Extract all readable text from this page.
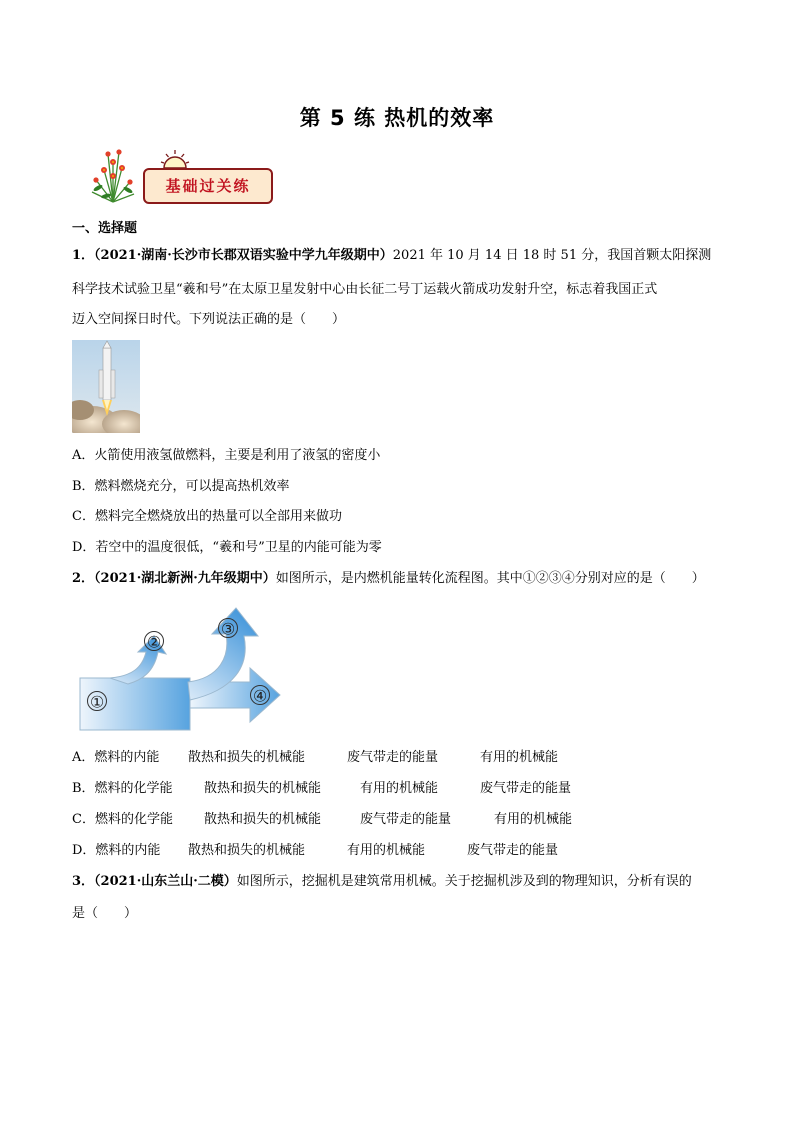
第 5 练 热机的效率
基础过关练
一、选择题
1．（2021·湖南·长沙市长郡双语实验中学九年级期中）2021 年 10 月 14 日 18 时 51 分，我国首颗太阳探测
科学技术试验卫星“羲和号”在太原卫星发射中心由长征二号丁运载火箭成功发射升空，标志着我国正式
迈入空间探日时代。下列说法正确的是（　　）
A．火箭使用液氢做燃料，主要是利用了液氢的密度小
B．燃料燃烧充分，可以提高热机效率
C．燃料完全燃烧放出的热量可以全部用来做功
D．若空中的温度很低，“羲和号”卫星的内能可能为零
2．（2021·湖北新洲·九年级期中）如图所示，是内燃机能量转化流程图。其中①②③④分别对应的是（　　）
①
②
③
④
A．燃料的内能 散热和损失的机械能	废气带走的能量	有用的机械能
B．燃料的化学能 散热和损失的机械能	有用的机械能	废气带走的能量
C．燃料的化学能 散热和损失的机械能	废气带走的能量	有用的机械能
D．燃料的内能 散热和损失的机械能	有用的机械能	废气带走的能量
3．（2021·山东兰山·二模）如图所示，挖掘机是建筑常用机械。关于挖掘机涉及到的物理知识，分析有误的
是（　　）
